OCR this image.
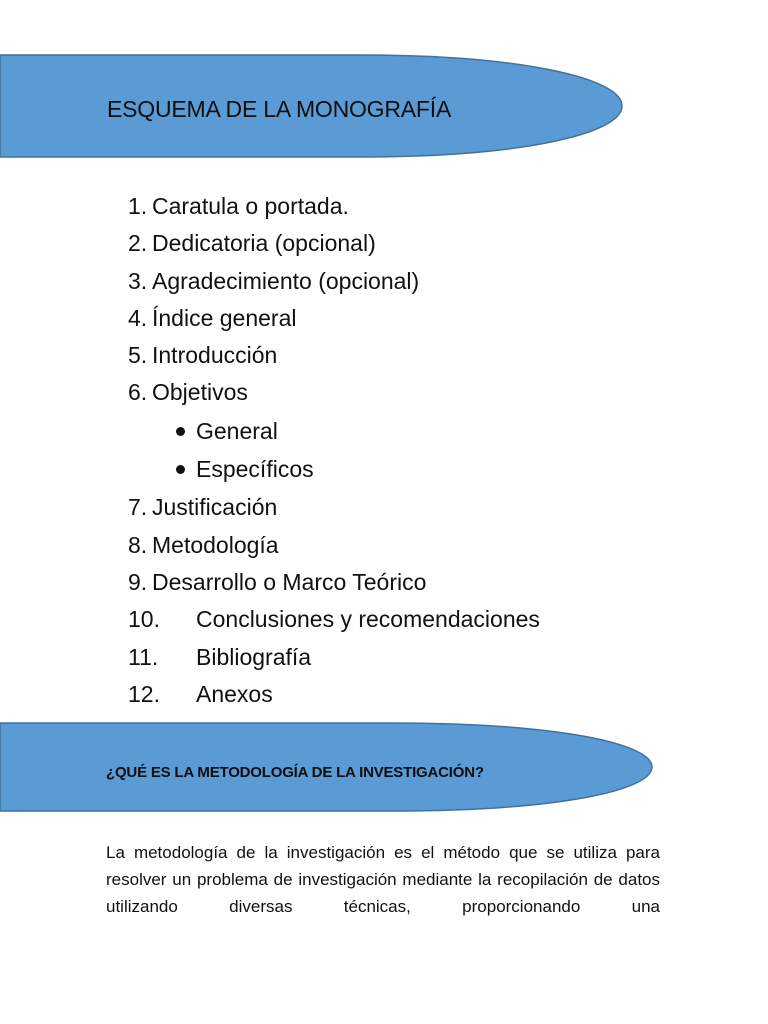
ESQUEMA DE LA MONOGRAFÍA
1. Caratula o portada.
2. Dedicatoria (opcional)
3. Agradecimiento (opcional)
4. Índice general
5. Introducción
6. Objetivos
General
Específicos
7. Justificación
8. Metodología
9. Desarrollo o Marco Teórico
10. Conclusiones y recomendaciones
11. Bibliografía
12. Anexos
¿QUÉ ES LA METODOLOGÍA DE LA INVESTIGACIÓN?
La metodología de la investigación es el método que se utiliza para resolver un problema de investigación mediante la recopilación de datos utilizando diversas técnicas, proporcionando una
